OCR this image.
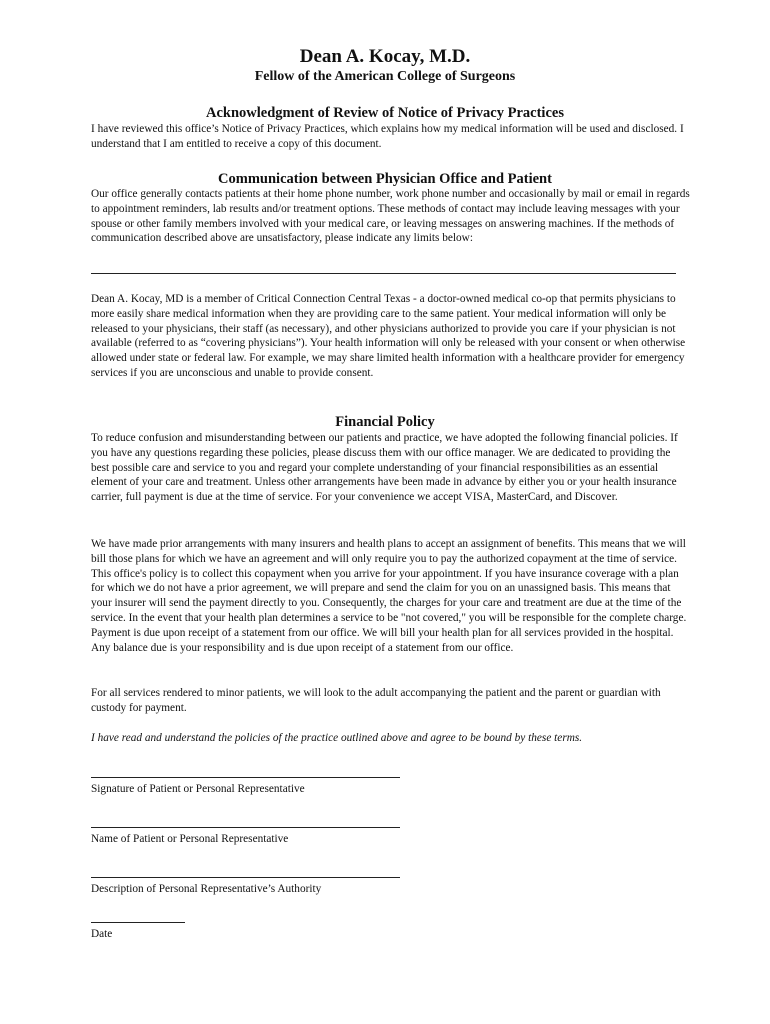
Dean A. Kocay, M.D.
Fellow of the American College of Surgeons
Acknowledgment of Review of Notice of Privacy Practices

I have reviewed this office’s Notice of Privacy Practices, which explains how my medical information will be used and disclosed. I understand that I am entitled to receive a copy of this document.

Communication between Physician Office and Patient

Our office generally contacts patients at their home phone number, work phone number and occasionally by mail or email in regards to appointment reminders, lab results and/or treatment options. These methods of contact may include leaving messages with your spouse or other family members involved with your medical care, or leaving messages on answering machines. If the methods of communication described above are unsatisfactory, please indicate any limits below:

Dean A. Kocay, MD is a member of Critical Connection Central Texas - a doctor-owned medical co-op that permits physicians to more easily share medical information when they are providing care to the same patient. Your medical information will only be released to your physicians, their staff (as necessary), and other physicians authorized to provide you care if your physician is not available (referred to as “covering physicians”). Your health information will only be released with your consent or when otherwise allowed under state or federal law. For example, we may share limited health information with a healthcare provider for emergency services if you are unconscious and unable to provide consent.

Financial Policy

To reduce confusion and misunderstanding between our patients and practice, we have adopted the following financial policies. If you have any questions regarding these policies, please discuss them with our office manager. We are dedicated to providing the best possible care and service to you and regard your complete understanding of your financial responsibilities as an essential element of your care and treatment. Unless other arrangements have been made in advance by either you or your health insurance carrier, full payment is due at the time of service. For your convenience we accept VISA, MasterCard, and Discover.

We have made prior arrangements with many insurers and health plans to accept an assignment of benefits. This means that we will bill those plans for which we have an agreement and will only require you to pay the authorized copayment at the time of service. This office's policy is to collect this copayment when you arrive for your appointment. If you have insurance coverage with a plan for which we do not have a prior agreement, we will prepare and send the claim for you on an unassigned basis. This means that your insurer will send the payment directly to you. Consequently, the charges for your care and treatment are due at the time of the service. In the event that your health plan determines a service to be "not covered," you will be responsible for the complete charge. Payment is due upon receipt of a statement from our office. We will bill your health plan for all services provided in the hospital. Any balance due is your responsibility and is due upon receipt of a statement from our office.

For all services rendered to minor patients, we will look to the adult accompanying the patient and the parent or guardian with custody for payment.

I have read and understand the policies of the practice outlined above and agree to be bound by these terms.

Signature of Patient or Personal Representative
Name of Patient or Personal Representative
Description of Personal Representative’s Authority
Date
